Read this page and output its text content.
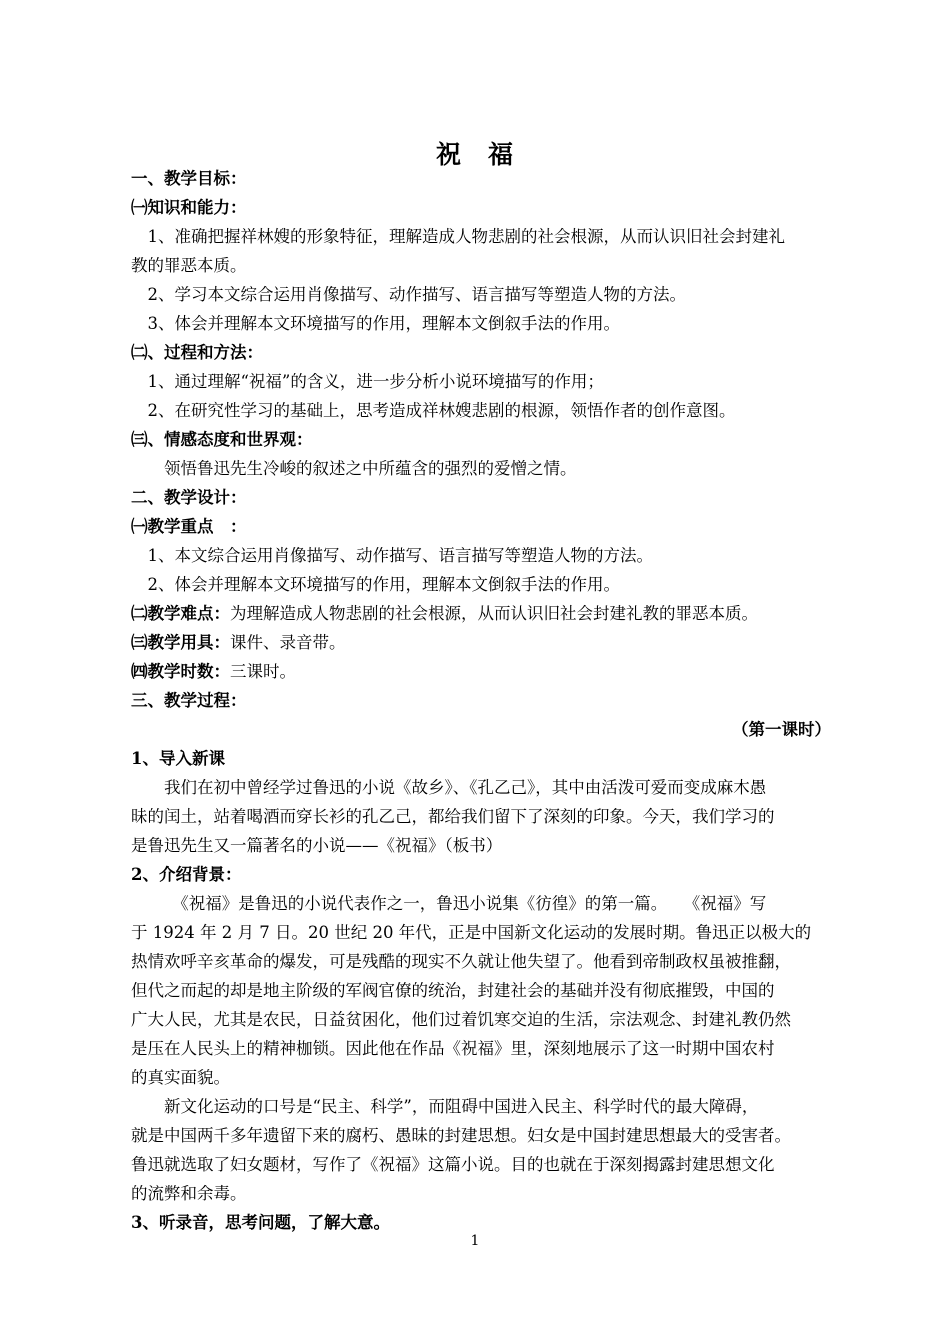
祝　福
一、教学目标：
㈠知识和能力：
　1、准确把握祥林嫂的形象特征，理解造成人物悲剧的社会根源，从而认识旧社会封建礼
教的罪恶本质。
　2、学习本文综合运用肖像描写、动作描写、语言描写等塑造人物的方法。
　3、体会并理解本文环境描写的作用，理解本文倒叙手法的作用。
㈡、过程和方法：
　1、通过理解“祝福”的含义，进一步分析小说环境描写的作用；
　2、在研究性学习的基础上，思考造成祥林嫂悲剧的根源，领悟作者的创作意图。
㈢、情感态度和世界观：
　　领悟鲁迅先生冷峻的叙述之中所蕴含的强烈的爱憎之情。
二、教学设计：
㈠教学重点　：
　1、本文综合运用肖像描写、动作描写、语言描写等塑造人物的方法。
　2、体会并理解本文环境描写的作用，理解本文倒叙手法的作用。
㈡教学难点：为理解造成人物悲剧的社会根源，从而认识旧社会封建礼教的罪恶本质。
㈢教学用具：课件、录音带。
㈣教学时数：三课时。
三、教学过程：
（第一课时）
1、导入新课
　　我们在初中曾经学过鲁迅的小说《故乡》、《孔乙己》，其中由活泼可爱而变成麻木愚
昧的闰土，站着喝酒而穿长衫的孔乙己，都给我们留下了深刻的印象。今天，我们学习的
是鲁迅先生又一篇著名的小说——《祝福》（板书）
2、介绍背景：
　　　《祝福》是鲁迅的小说代表作之一，鲁迅小说集《彷徨》的第一篇。　　《祝福》写
于 1924 年 2 月 7 日。20 世纪 20 年代，正是中国新文化运动的发展时期。鲁迅正以极大的
热情欢呼辛亥革命的爆发，可是残酷的现实不久就让他失望了。他看到帝制政权虽被推翻，
但代之而起的却是地主阶级的军阀官僚的统治，封建社会的基础并没有彻底摧毁，中国的
广大人民，尤其是农民，日益贫困化，他们过着饥寒交迫的生活，宗法观念、封建礼教仍然
是压在人民头上的精神枷锁。因此他在作品《祝福》里，深刻地展示了这一时期中国农村
的真实面貌。
　　新文化运动的口号是“民主、科学”，而阻碍中国进入民主、科学时代的最大障碍，
就是中国两千多年遗留下来的腐朽、愚昧的封建思想。妇女是中国封建思想最大的受害者。
鲁迅就选取了妇女题材，写作了《祝福》这篇小说。目的也就在于深刻揭露封建思想文化
的流弊和余毒。
3、听录音，思考问题，了解大意。
1
